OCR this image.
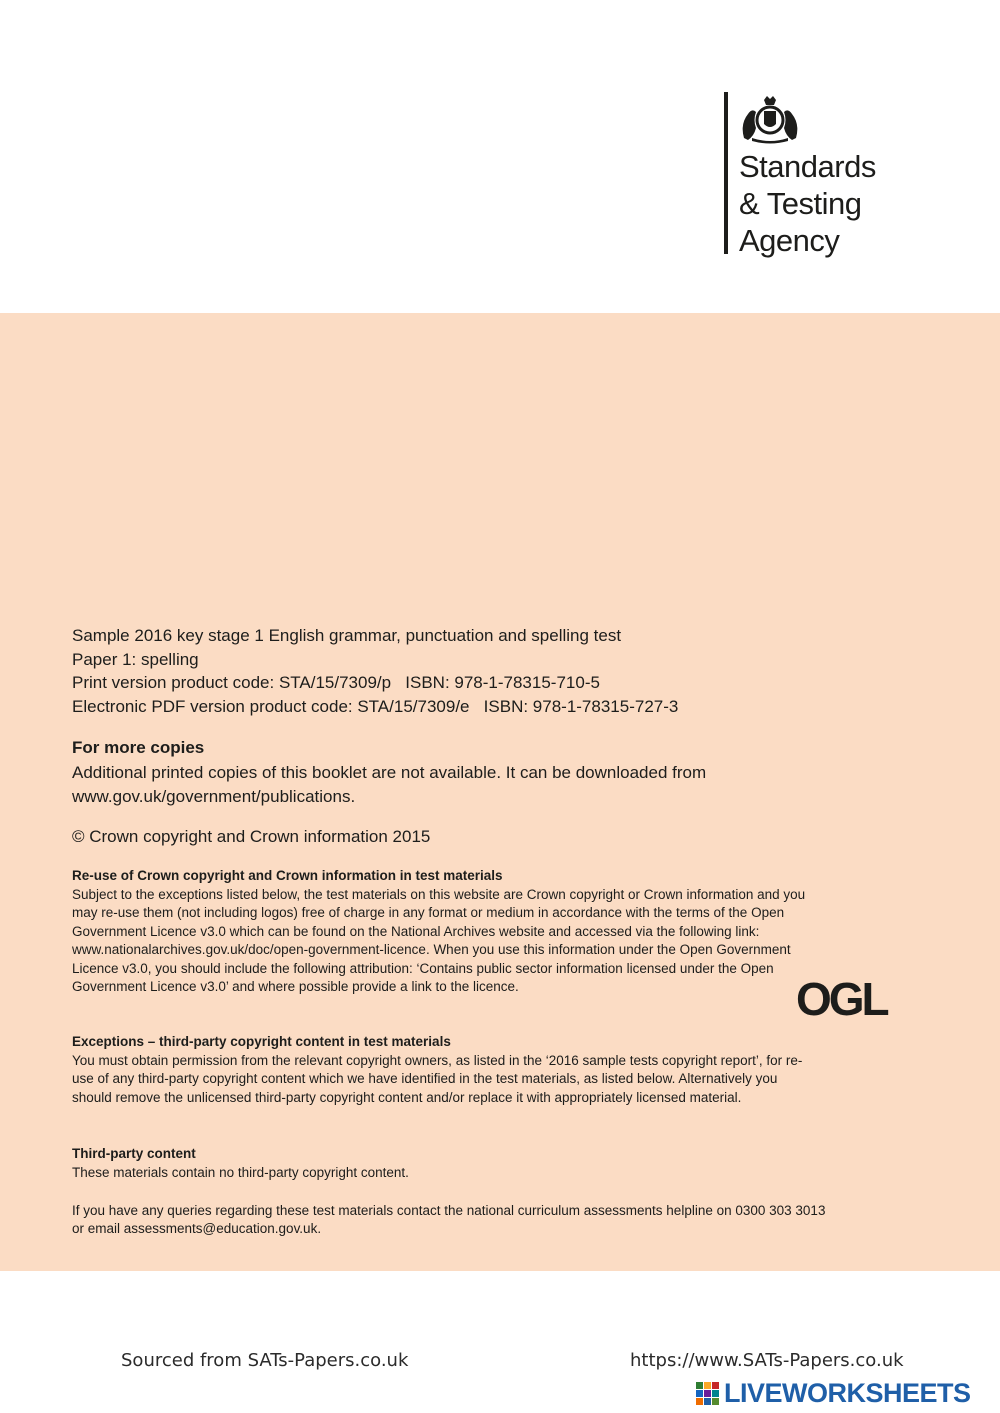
Standards
& Testing
Agency
Sample 2016 key stage 1 English grammar, punctuation and spelling test
Paper 1: spelling
Print version product code: STA/15/7309/p   ISBN: 978-1-78315-710-5
Electronic PDF version product code: STA/15/7309/e   ISBN: 978-1-78315-727-3
For more copies
Additional printed copies of this booklet are not available. It can be downloaded from www.gov.uk/government/publications.
© Crown copyright and Crown information 2015
Re-use of Crown copyright and Crown information in test materials
Subject to the exceptions listed below, the test materials on this website are Crown copyright or Crown information and you may re-use them (not including logos) free of charge in any format or medium in accordance with the terms of the Open Government Licence v3.0 which can be found on the National Archives website and accessed via the following link: www.nationalarchives.gov.uk/doc/open-government-licence. When you use this information under the Open Government Licence v3.0, you should include the following attribution: ‘Contains public sector information licensed under the Open Government Licence v3.0’ and where possible provide a link to the licence.	OGL
Exceptions – third-party copyright content in test materials
You must obtain permission from the relevant copyright owners, as listed in the ‘2016 sample tests copyright report’, for re-use of any third-party copyright content which we have identified in the test materials, as listed below. Alternatively you should remove the unlicensed third-party copyright content and/or replace it with appropriately licensed material.
Third-party content
These materials contain no third-party copyright content.
If you have any queries regarding these test materials contact the national curriculum assessments helpline on 0300 303 3013 or email assessments@education.gov.uk.
Sourced from SATs-Papers.co.uk	https://www.SATs-Papers.co.uk
LIVEWORKSHEETS
